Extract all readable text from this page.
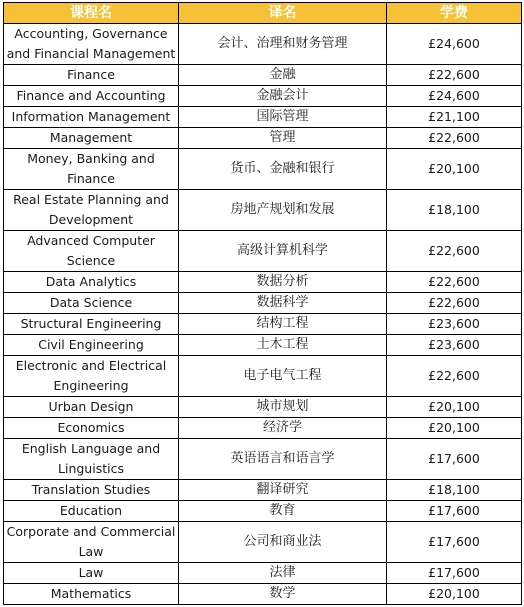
课程名	译名	学费
Accounting, Governance and Financial Management	会计、治理和财务管理	£24,600
Finance	金融	£22,600
Finance and Accounting	金融会计	£24,600
Information Management	国际管理	£21,100
Management	管理	£22,600
Money, Banking and Finance	货币、金融和银行	£20,100
Real Estate Planning and Development	房地产规划和发展	£18,100
Advanced Computer Science	高级计算机科学	£22,600
Data Analytics	数据分析	£22,600
Data Science	数据科学	£22,600
Structural Engineering	结构工程	£23,600
Civil Engineering	土木工程	£23,600
Electronic and Electrical Engineering	电子电气工程	£22,600
Urban Design	城市规划	£20,100
Economics	经济学	£20,100
English Language and Linguistics	英语语言和语言学	£17,600
Translation Studies	翻译研究	£18,100
Education	教育	£17,600
Corporate and Commercial Law	公司和商业法	£17,600
Law	法律	£17,600
Mathematics	数学	£20,100
